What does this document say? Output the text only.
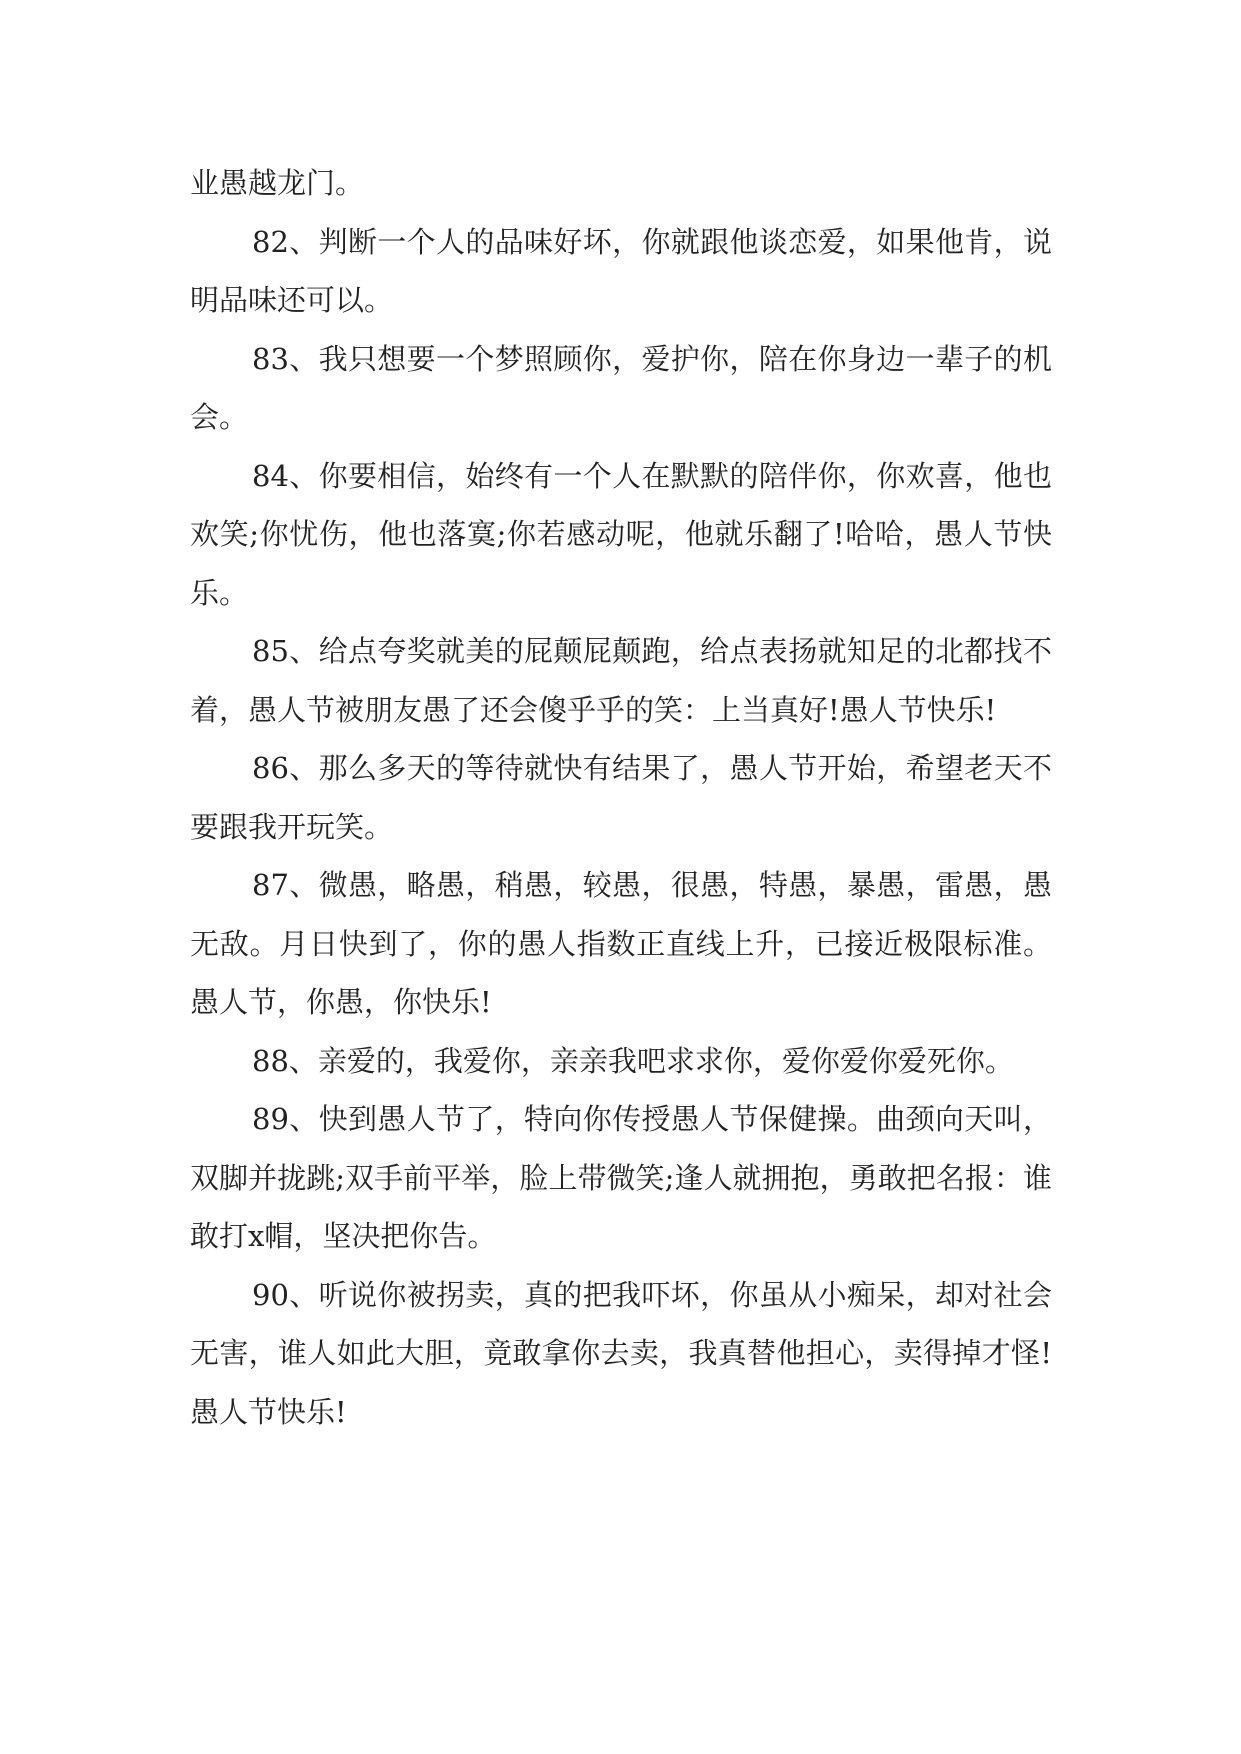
业愚越龙门。

82、判断一个人的品味好坏，你就跟他谈恋爱，如果他肯，说明品味还可以。

83、我只想要一个梦照顾你，爱护你，陪在你身边一辈子的机会。

84、你要相信，始终有一个人在默默的陪伴你，你欢喜，他也欢笑;你忧伤，他也落寞;你若感动呢，他就乐翻了!哈哈，愚人节快乐。

85、给点夸奖就美的屁颠屁颠跑，给点表扬就知足的北都找不着，愚人节被朋友愚了还会傻乎乎的笑：上当真好!愚人节快乐!

86、那么多天的等待就快有结果了，愚人节开始，希望老天不要跟我开玩笑。

87、微愚，略愚，稍愚，较愚，很愚，特愚，暴愚，雷愚，愚无敌。月日快到了，你的愚人指数正直线上升，已接近极限标准。愚人节，你愚，你快乐!

88、亲爱的，我爱你，亲亲我吧求求你，爱你爱你爱死你。

89、快到愚人节了，特向你传授愚人节保健操。曲颈向天叫，双脚并拢跳;双手前平举，脸上带微笑;逢人就拥抱，勇敢把名报：谁敢打x帽，坚决把你告。

90、听说你被拐卖，真的把我吓坏，你虽从小痴呆，却对社会无害，谁人如此大胆，竟敢拿你去卖，我真替他担心，卖得掉才怪!愚人节快乐!
